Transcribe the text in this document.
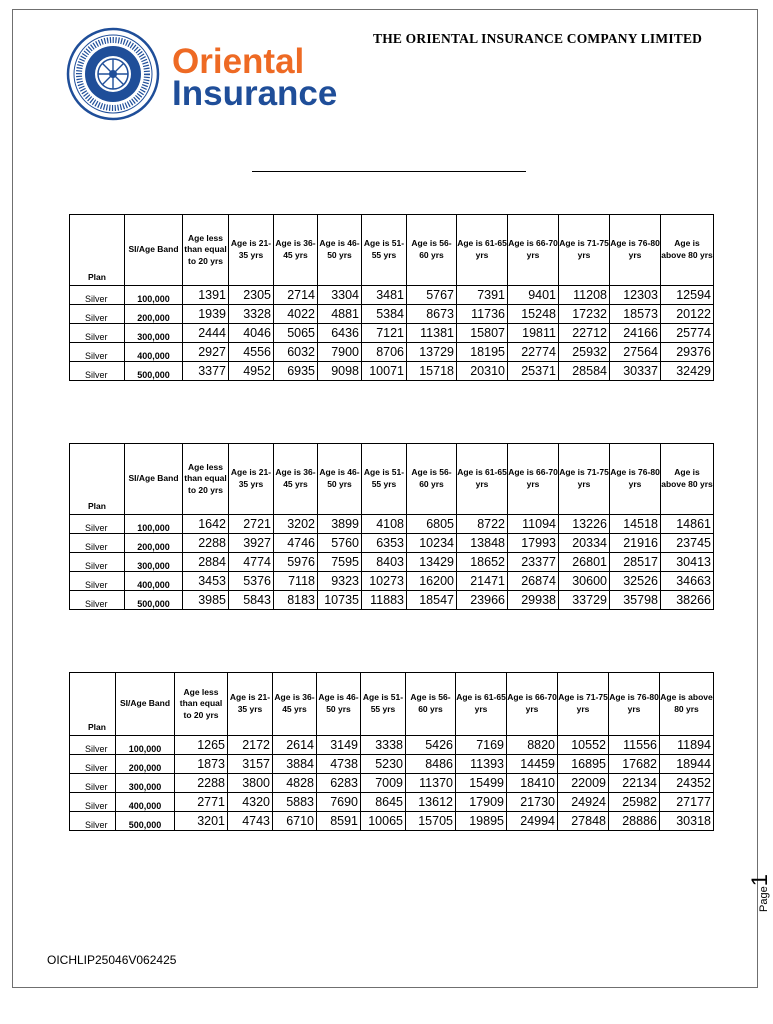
Oriental
Insurance
THE ORIENTAL INSURANCE COMPANY LIMITED
Plan	SI/Age Band	Age less than equal to 20 yrs	Age is 21-35 yrs	Age is 36-45 yrs	Age is 46-50 yrs	Age is 51-55 yrs	Age is 56-60 yrs	Age is 61-65 yrs	Age is 66-70 yrs	Age is 71-75 yrs	Age is 76-80 yrs	Age is above 80 yrs
Silver	100,000	1391	2305	2714	3304	3481	5767	7391	9401	11208	12303	12594
Silver	200,000	1939	3328	4022	4881	5384	8673	11736	15248	17232	18573	20122
Silver	300,000	2444	4046	5065	6436	7121	11381	15807	19811	22712	24166	25774
Silver	400,000	2927	4556	6032	7900	8706	13729	18195	22774	25932	27564	29376
Silver	500,000	3377	4952	6935	9098	10071	15718	20310	25371	28584	30337	32429
Plan	SI/Age Band	Age less than equal to 20 yrs	Age is 21-35 yrs	Age is 36-45 yrs	Age is 46-50 yrs	Age is 51-55 yrs	Age is 56-60 yrs	Age is 61-65 yrs	Age is 66-70 yrs	Age is 71-75 yrs	Age is 76-80 yrs	Age is above 80 yrs
Silver	100,000	1642	2721	3202	3899	4108	6805	8722	11094	13226	14518	14861
Silver	200,000	2288	3927	4746	5760	6353	10234	13848	17993	20334	21916	23745
Silver	300,000	2884	4774	5976	7595	8403	13429	18652	23377	26801	28517	30413
Silver	400,000	3453	5376	7118	9323	10273	16200	21471	26874	30600	32526	34663
Silver	500,000	3985	5843	8183	10735	11883	18547	23966	29938	33729	35798	38266
Plan	SI/Age Band	Age less than equal to 20 yrs	Age is 21-35 yrs	Age is 36-45 yrs	Age is 46-50 yrs	Age is 51-55 yrs	Age is 56-60 yrs	Age is 61-65 yrs	Age is 66-70 yrs	Age is 71-75 yrs	Age is 76-80 yrs	Age is above 80 yrs
Silver	100,000	1265	2172	2614	3149	3338	5426	7169	8820	10552	11556	11894
Silver	200,000	1873	3157	3884	4738	5230	8486	11393	14459	16895	17682	18944
Silver	300,000	2288	3800	4828	6283	7009	11370	15499	18410	22009	22134	24352
Silver	400,000	2771	4320	5883	7690	8645	13612	17909	21730	24924	25982	27177
Silver	500,000	3201	4743	6710	8591	10065	15705	19895	24994	27848	28886	30318
OICHLIP25046V062425
Page1
